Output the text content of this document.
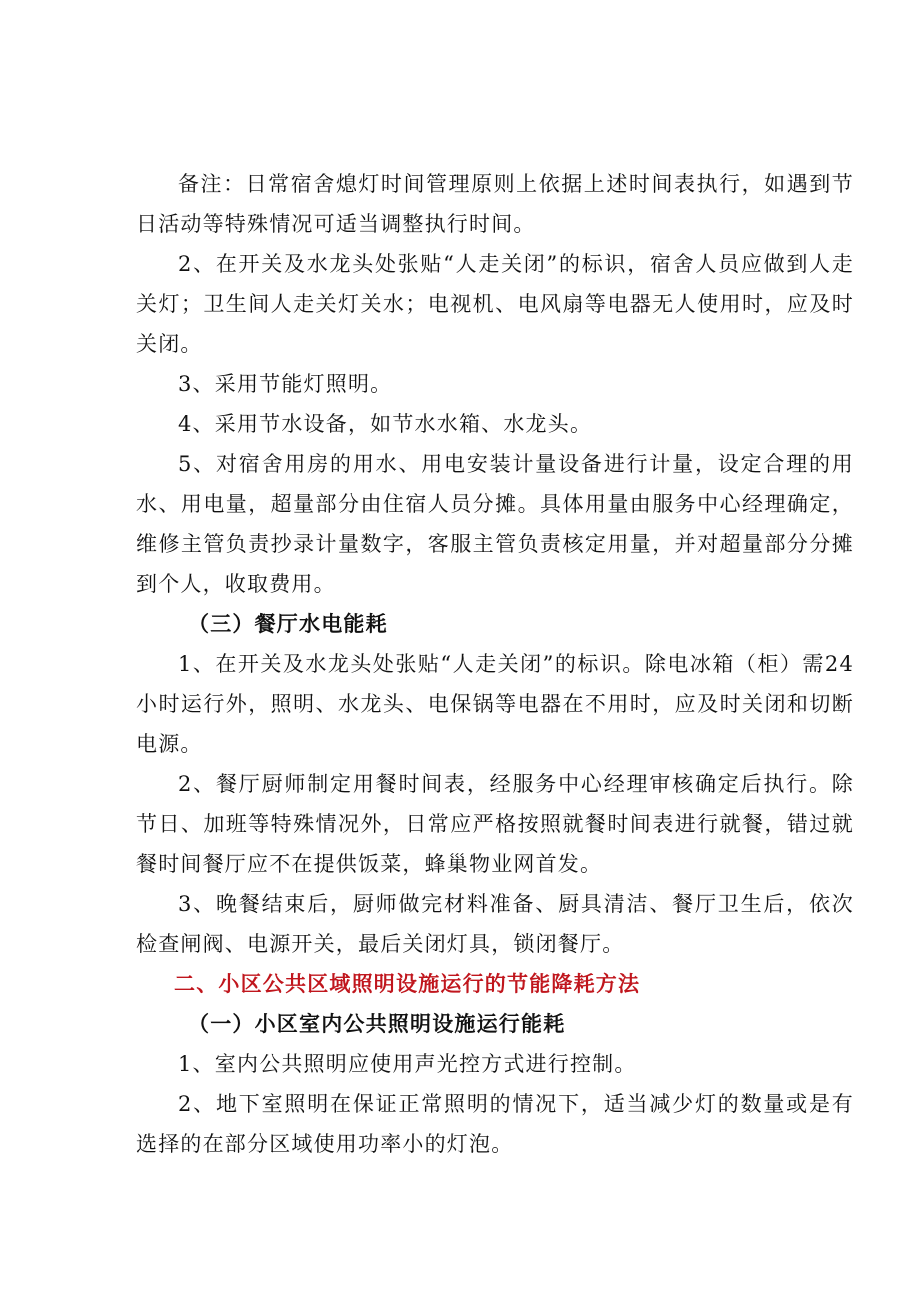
备注：日常宿舍熄灯时间管理原则上依据上述时间表执行，如遇到节日活动等特殊情况可适当调整执行时间。

2、在开关及水龙头处张贴“人走关闭”的标识，宿舍人员应做到人走关灯；卫生间人走关灯关水；电视机、电风扇等电器无人使用时，应及时关闭。

3、采用节能灯照明。

4、采用节水设备，如节水水箱、水龙头。

5、对宿舍用房的用水、用电安装计量设备进行计量，设定合理的用水、用电量，超量部分由住宿人员分摊。具体用量由服务中心经理确定，维修主管负责抄录计量数字，客服主管负责核定用量，并对超量部分分摊到个人，收取费用。

（三）餐厅水电能耗

1、在开关及水龙头处张贴“人走关闭”的标识。除电冰箱（柜）需24小时运行外，照明、水龙头、电保锅等电器在不用时，应及时关闭和切断电源。

2、餐厅厨师制定用餐时间表，经服务中心经理审核确定后执行。除节日、加班等特殊情况外，日常应严格按照就餐时间表进行就餐，错过就餐时间餐厅应不在提供饭菜，蜂巢物业网首发。

3、晚餐结束后，厨师做完材料准备、厨具清洁、餐厅卫生后，依次检查闸阀、电源开关，最后关闭灯具，锁闭餐厅。

二、小区公共区域照明设施运行的节能降耗方法

（一）小区室内公共照明设施运行能耗

1、室内公共照明应使用声光控方式进行控制。

2、地下室照明在保证正常照明的情况下，适当减少灯的数量或是有选择的在部分区域使用功率小的灯泡。
